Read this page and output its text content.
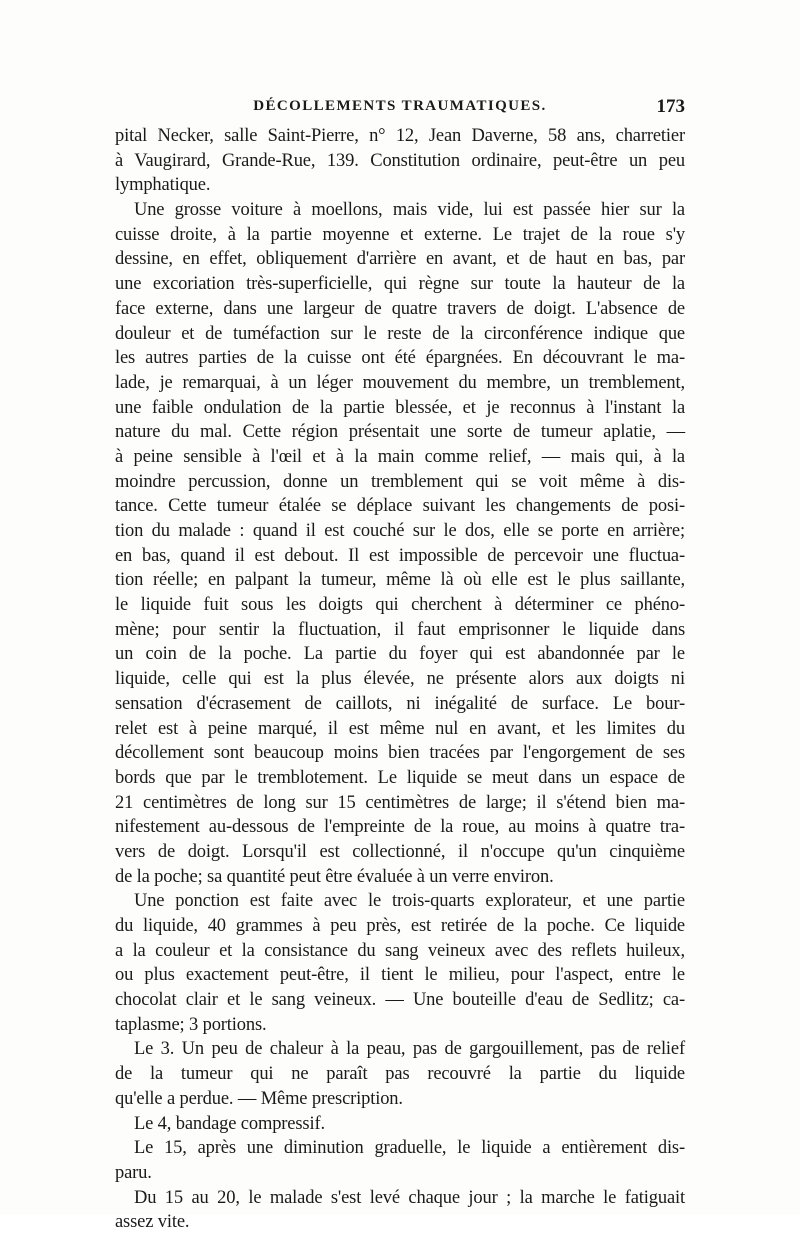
DÉCOLLEMENTS TRAUMATIQUES.	173
pital Necker, salle Saint-Pierre, n° 12, Jean Daverne, 58 ans, charretier
à Vaugirard, Grande-Rue, 139. Constitution ordinaire, peut-être un peu
lymphatique.
Une grosse voiture à moellons, mais vide, lui est passée hier sur la
cuisse droite, à la partie moyenne et externe. Le trajet de la roue s'y
dessine, en effet, obliquement d'arrière en avant, et de haut en bas, par
une excoriation très-superficielle, qui règne sur toute la hauteur de la
face externe, dans une largeur de quatre travers de doigt. L'absence de
douleur et de tuméfaction sur le reste de la circonférence indique que
les autres parties de la cuisse ont été épargnées. En découvrant le ma-
lade, je remarquai, à un léger mouvement du membre, un tremblement,
une faible ondulation de la partie blessée, et je reconnus à l'instant la
nature du mal. Cette région présentait une sorte de tumeur aplatie, —
à peine sensible à l'œil et à la main comme relief, — mais qui, à la
moindre percussion, donne un tremblement qui se voit même à dis-
tance. Cette tumeur étalée se déplace suivant les changements de posi-
tion du malade : quand il est couché sur le dos, elle se porte en arrière;
en bas, quand il est debout. Il est impossible de percevoir une fluctua-
tion réelle; en palpant la tumeur, même là où elle est le plus saillante,
le liquide fuit sous les doigts qui cherchent à déterminer ce phéno-
mène; pour sentir la fluctuation, il faut emprisonner le liquide dans
un coin de la poche. La partie du foyer qui est abandonnée par le
liquide, celle qui est la plus élevée, ne présente alors aux doigts ni
sensation d'écrasement de caillots, ni inégalité de surface. Le bour-
relet est à peine marqué, il est même nul en avant, et les limites du
décollement sont beaucoup moins bien tracées par l'engorgement de ses
bords que par le tremblotement. Le liquide se meut dans un espace de
21 centimètres de long sur 15 centimètres de large; il s'étend bien ma-
nifestement au-dessous de l'empreinte de la roue, au moins à quatre tra-
vers de doigt. Lorsqu'il est collectionné, il n'occupe qu'un cinquième
de la poche; sa quantité peut être évaluée à un verre environ.
Une ponction est faite avec le trois-quarts explorateur, et une partie
du liquide, 40 grammes à peu près, est retirée de la poche. Ce liquide
a la couleur et la consistance du sang veineux avec des reflets huileux,
ou plus exactement peut-être, il tient le milieu, pour l'aspect, entre le
chocolat clair et le sang veineux. — Une bouteille d'eau de Sedlitz; ca-
taplasme; 3 portions.
Le 3. Un peu de chaleur à la peau, pas de gargouillement, pas de relief
de la tumeur qui ne paraît pas recouvré la partie du liquide
qu'elle a perdue. — Même prescription.
Le 4, bandage compressif.
Le 15, après une diminution graduelle, le liquide a entièrement dis-
paru.
Du 15 au 20, le malade s'est levé chaque jour ; la marche le fatiguait
assez vite.
